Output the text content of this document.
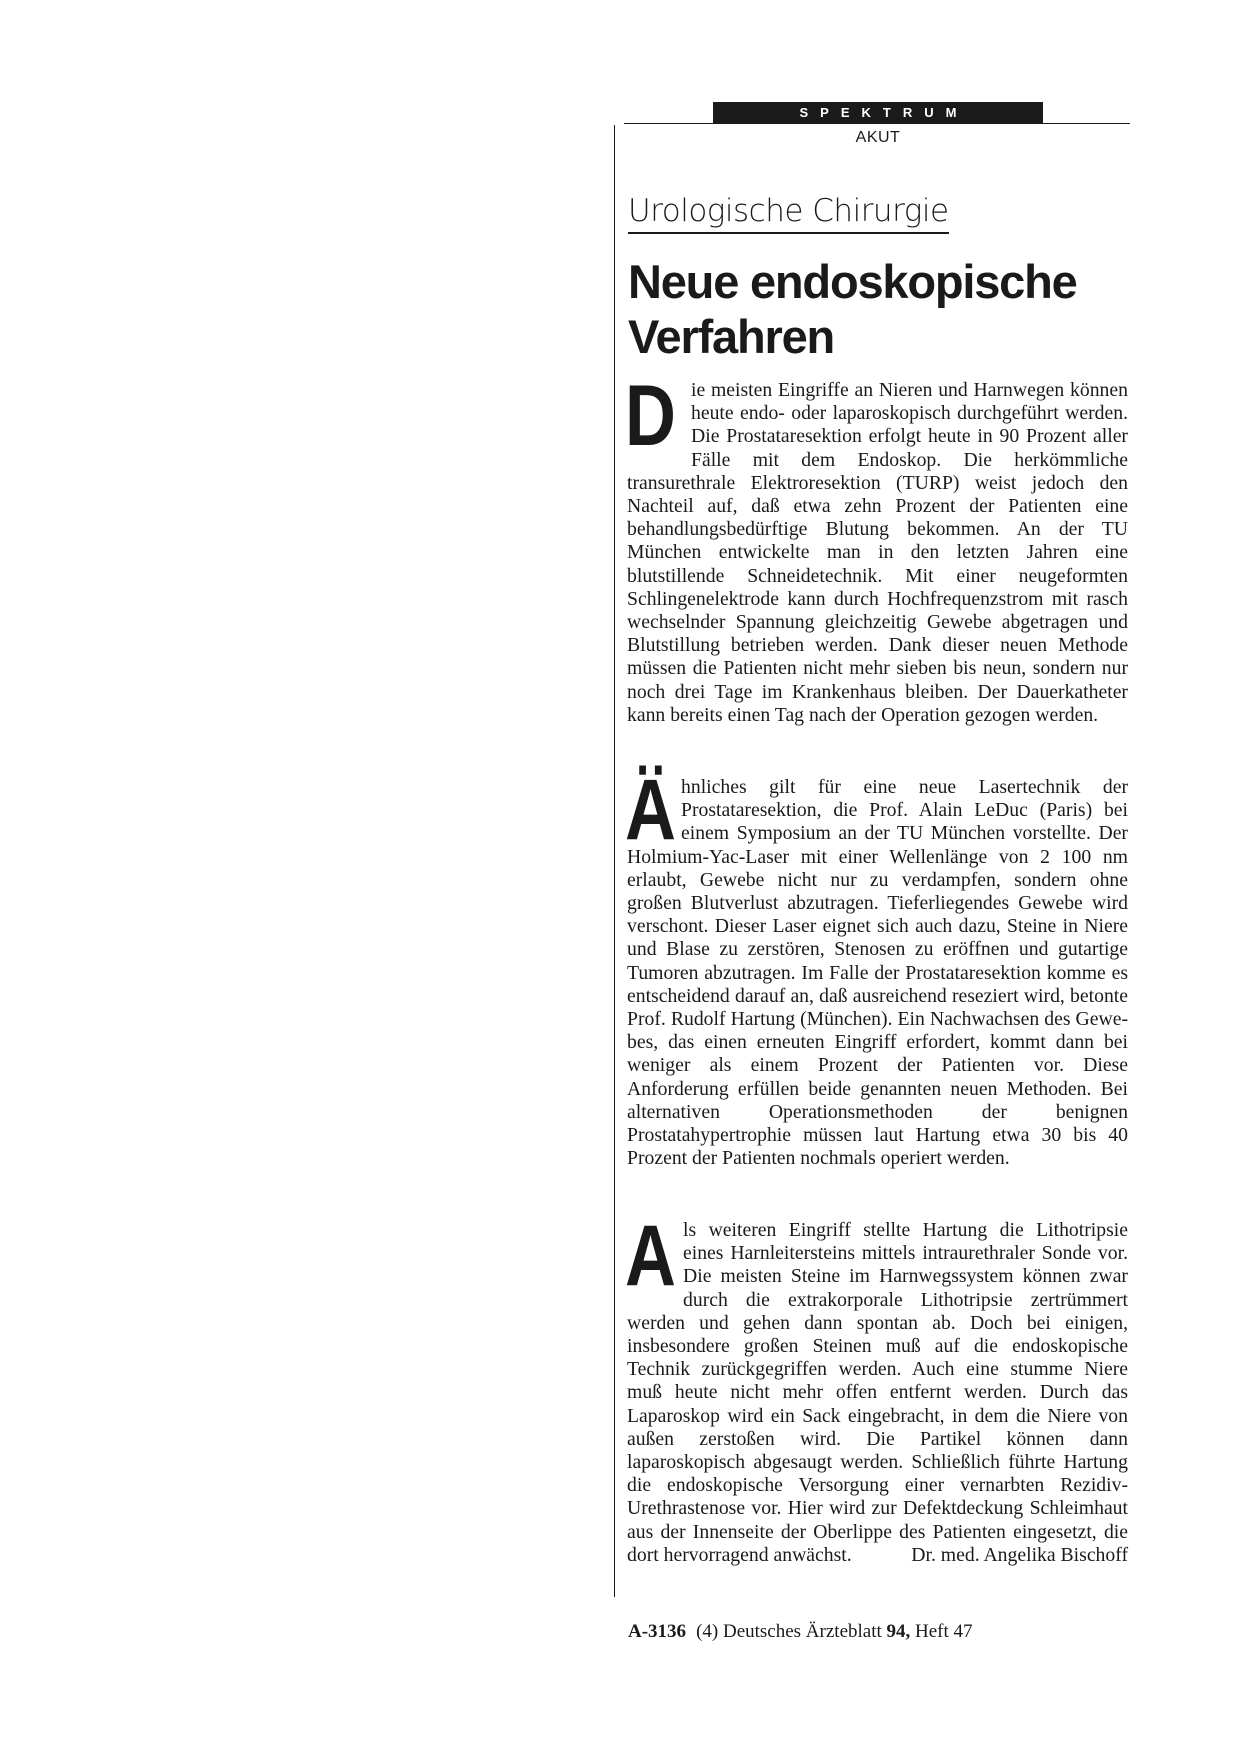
SPEKTRUM
AKUT
Urologische Chirurgie
Neue endoskopische
Verfahren

Die meisten Eingriffe an Nieren und Harnwegen können heute endo- oder laparoskopisch durchgeführt werden. Die Prostataresektion erfolgt heute in 90 Prozent aller Fälle mit dem Endoskop. Die herkömmliche transurethrale Elektroresektion (TURP) weist jedoch den Nachteil auf, daß etwa zehn Prozent der Patienten eine behandlungsbedürftige Blutung bekommen. An der TU München entwickelte man in den letzten Jahren eine blutstillende Schneidetechnik. Mit einer neugeformten Schlingenelektrode kann durch Hochfrequenzstrom mit rasch wechselnder Spannung gleichzeitig Gewebe abgetragen und Blutstillung betrieben werden. Dank dieser neuen Methode müssen die Patienten nicht mehr sieben bis neun, sondern nur noch drei Tage im Krankenhaus bleiben. Der Dauerkatheter kann bereits einen Tag nach der Operation gezogen werden.

Ähnliches gilt für eine neue Lasertechnik der Prostataresektion, die Prof. Alain LeDuc (Paris) bei einem Symposium an der TU München vorstellte. Der Holmium-Yac-Laser mit einer Wellenlänge von 2 100 nm erlaubt, Gewebe nicht nur zu verdampfen, sondern ohne großen Blutverlust abzutragen. Tieferliegendes Gewebe wird verschont. Dieser Laser eignet sich auch dazu, Steine in Niere und Blase zu zerstören, Stenosen zu eröffnen und gutartige Tumoren abzutragen. Im Falle der Prostataresektion komme es entscheidend darauf an, daß ausreichend reseziert wird, betonte Prof. Rudolf Hartung (München). Ein Nachwachsen des Gewebes, das einen erneuten Eingriff erfordert, kommt dann bei weniger als einem Prozent der Patienten vor. Diese Anforderung erfüllen beide genannten neuen Methoden. Bei alternativen Operationsmethoden der benignen Prostatahypertrophie müssen laut Hartung etwa 30 bis 40 Prozent der Patienten nochmals operiert werden.

Als weiteren Eingriff stellte Hartung die Lithotripsie eines Harnleitersteins mittels intraurethraler Sonde vor. Die meisten Steine im Harnwegssystem können zwar durch die extrakorporale Lithotripsie zertrümmert werden und gehen dann spontan ab. Doch bei einigen, insbesondere großen Steinen muß auf die endoskopische Technik zurückgegriffen werden. Auch eine stumme Niere muß heute nicht mehr offen entfernt werden. Durch das Laparoskop wird ein Sack eingebracht, in dem die Niere von außen zerstoßen wird. Die Partikel können dann laparoskopisch abgesaugt werden. Schließlich führte Hartung die endoskopische Versorgung einer vernarbten Rezidiv-Urethrastenose vor. Hier wird zur Defektdeckung Schleimhaut aus der Innenseite der Oberlippe des Patienten eingesetzt, die dort hervorragend anwächst.	Dr. med. Angelika Bischoff

A-3136 (4) Deutsches Ärzteblatt 94, Heft 47
